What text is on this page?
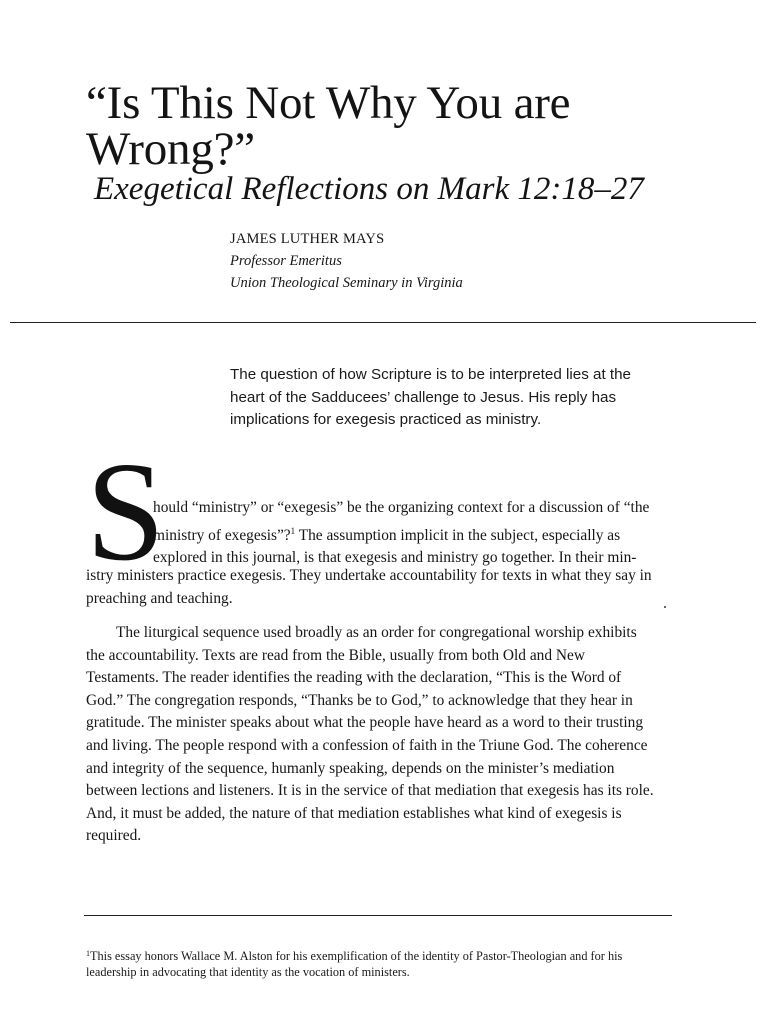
“Is This Not Why You are
Wrong?”
Exegetical Reflections on Mark 12:18–27
JAMES LUTHER MAYS
Professor Emeritus
Union Theological Seminary in Virginia
The question of how Scripture is to be interpreted lies at the
heart of the Sadducees’ challenge to Jesus. His reply has
implications for exegesis practiced as ministry.
S
hould “ministry” or “exegesis” be the organizing context for a discussion of “the
ministry of exegesis”?$^1$ The assumption implicit in the subject, especially as
explored in this journal, is that exegesis and ministry go together. In their min-
istry ministers practice exegesis. They undertake accountability for texts in what they say in
preaching and teaching.
The liturgical sequence used broadly as an order for congregational worship exhibits
the accountability. Texts are read from the Bible, usually from both Old and New
Testaments. The reader identifies the reading with the declaration, “This is the Word of
God.” The congregation responds, “Thanks be to God,” to acknowledge that they hear in
gratitude. The minister speaks about what the people have heard as a word to their trusting
and living. The people respond with a confession of faith in the Triune God. The coherence
and integrity of the sequence, humanly speaking, depends on the minister’s mediation
between lections and listeners. It is in the service of that mediation that exegesis has its role.
And, it must be added, the nature of that mediation establishes what kind of exegesis is
required.
$^1$This essay honors Wallace M. Alston for his exemplification of the identity of Pastor-Theologian and for his
leadership in advocating that identity as the vocation of ministers.
